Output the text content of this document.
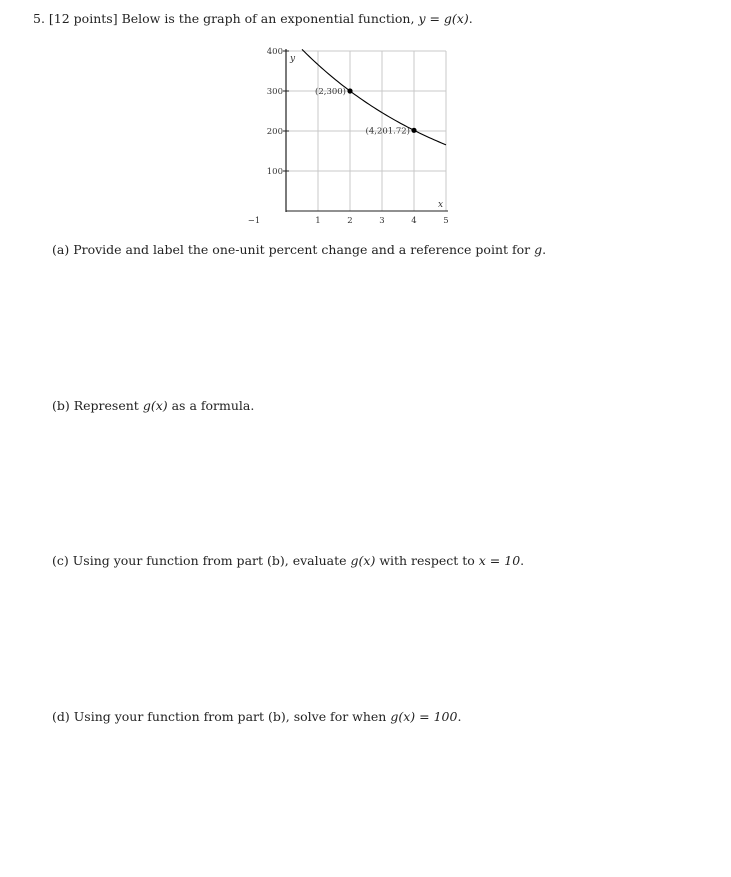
5. [12 points] Below is the graph of an exponential function, y = g(x).
(2,300)
(4,201.72)
100
200
300
400
−1	1	2	3	4	5
y
x
(a) Provide and label the one-unit percent change and a reference point for g.
(b) Represent g(x) as a formula.
(c) Using your function from part (b), evaluate g(x) with respect to x = 10.
(d) Using your function from part (b), solve for when g(x) = 100.
